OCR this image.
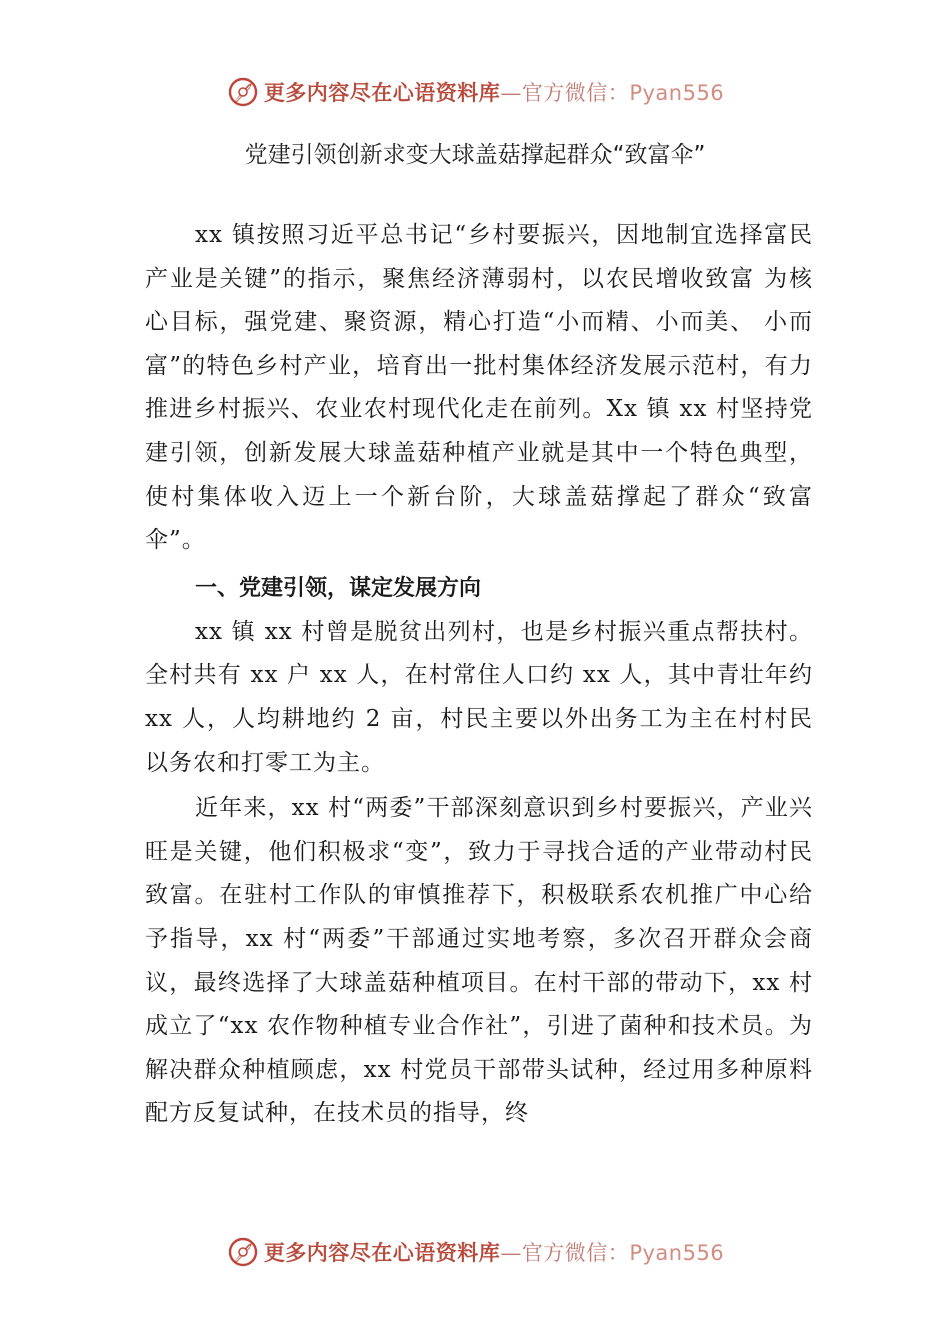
更多内容尽在心语资料库—官方微信：Pyan556
党建引领创新求变大球盖菇撑起群众“致富伞”

xx 镇按照习近平总书记“乡村要振兴，因地制宜选择富民产业是关键”的指示，聚焦经济薄弱村，以农民增收致富 为核心目标，强党建、聚资源，精心打造“小而精、小而美、 小而富”的特色乡村产业，培育出一批村集体经济发展示范村，有力推进乡村振兴、农业农村现代化走在前列。Xx 镇 xx 村坚持党建引领，创新发展大球盖菇种植产业就是其中一个特色典型，使村集体收入迈上一个新台阶，大球盖菇撑起了群众“致富伞”。

一、党建引领，谋定发展方向

xx 镇 xx 村曾是脱贫出列村，也是乡村振兴重点帮扶村。全村共有 xx 户 xx 人，在村常住人口约 xx 人，其中青壮年约 xx 人，人均耕地约 2 亩，村民主要以外出务工为主在村村民以务农和打零工为主。

近年来，xx 村“两委”干部深刻意识到乡村要振兴，产业兴旺是关键，他们积极求“变”，致力于寻找合适的产业带动村民致富。在驻村工作队的审慎推荐下，积极联系农机推广中心给予指导，xx 村“两委”干部通过实地考察，多次召开群众会商议，最终选择了大球盖菇种植项目。在村干部的带动下，xx 村成立了“xx 农作物种植专业合作社”，引进了菌种和技术员。为解决群众种植顾虑，xx 村党员干部带头试种，经过用多种原料配方反复试种，在技术员的指导，终

更多内容尽在心语资料库—官方微信：Pyan556
